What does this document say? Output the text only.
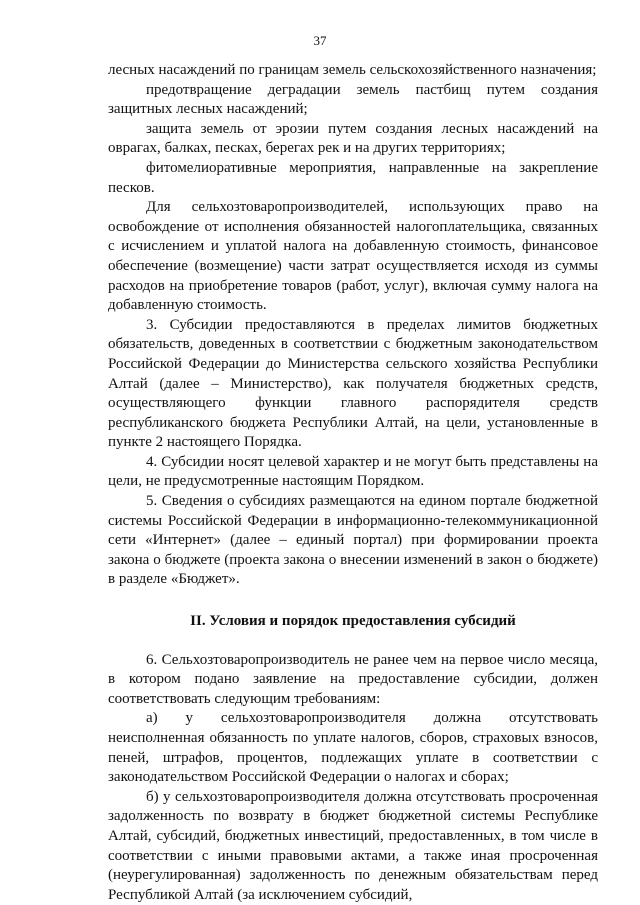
37

лесных насаждений по границам земель сельскохозяйственного назначения;

предотвращение деградации земель пастбищ путем создания защитных лесных насаждений;

защита земель от эрозии путем создания лесных насаждений на оврагах, балках, песках, берегах рек и на других территориях;

фитомелиоративные мероприятия, направленные на закрепление песков.

Для сельхозтоваропроизводителей, использующих право на освобождение от исполнения обязанностей налогоплательщика, связанных с исчислением и уплатой налога на добавленную стоимость, финансовое обеспечение (возмещение) части затрат осуществляется исходя из суммы расходов на приобретение товаров (работ, услуг), включая сумму налога на добавленную стоимость.

3. Субсидии предоставляются в пределах лимитов бюджетных обязательств, доведенных в соответствии с бюджетным законодательством Российской Федерации до Министерства сельского хозяйства Республики Алтай (далее – Министерство), как получателя бюджетных средств, осуществляющего функции главного распорядителя средств республиканского бюджета Республики Алтай, на цели, установленные в пункте 2 настоящего Порядка.

4. Субсидии носят целевой характер и не могут быть представлены на цели, не предусмотренные настоящим Порядком.

5. Сведения о субсидиях размещаются на едином портале бюджетной системы Российской Федерации в информационно-телекоммуникационной сети «Интернет» (далее – единый портал) при формировании проекта закона о бюджете (проекта закона о внесении изменений в закон о бюджете) в разделе «Бюджет».

II. Условия и порядок предоставления субсидий

6. Сельхозтоваропроизводитель не ранее чем на первое число месяца, в котором подано заявление на предоставление субсидии, должен соответствовать следующим требованиям:

а) у сельхозтоваропроизводителя должна отсутствовать неисполненная обязанность по уплате налогов, сборов, страховых взносов, пеней, штрафов, процентов, подлежащих уплате в соответствии с законодательством Российской Федерации о налогах и сборах;

б) у сельхозтоваропроизводителя должна отсутствовать просроченная задолженность по возврату в бюджет бюджетной системы Республике Алтай, субсидий, бюджетных инвестиций, предоставленных, в том числе в соответствии с иными правовыми актами, а также иная просроченная (неурегулированная) задолженность по денежным обязательствам перед Республикой Алтай (за исключением субсидий,
